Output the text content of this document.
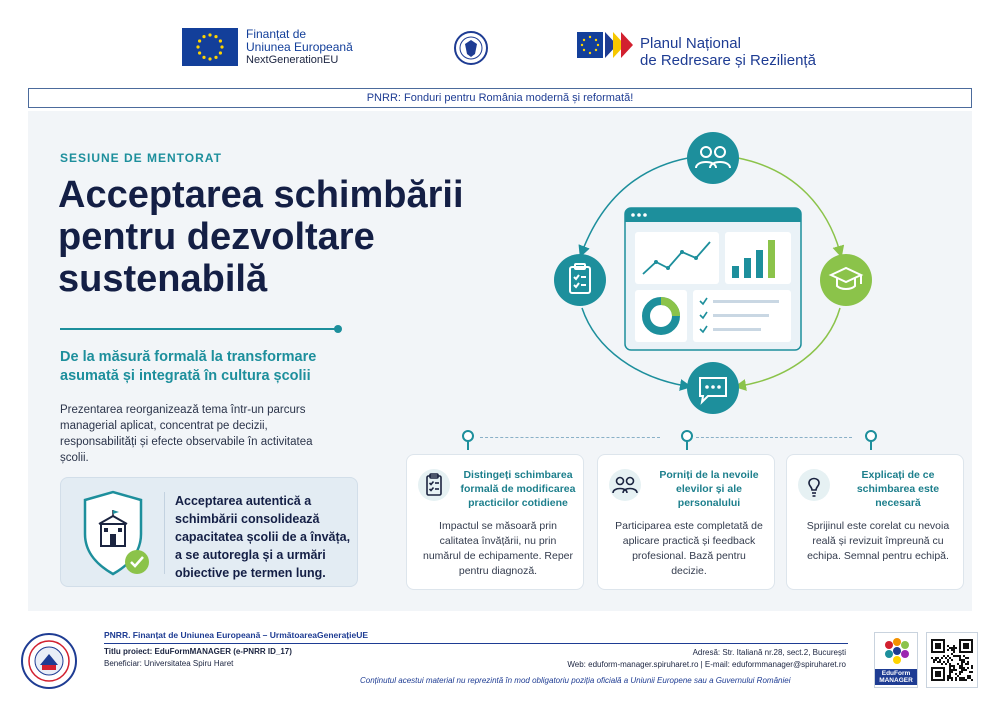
Finanțat de
Uniunea Europeană
NextGenerationEU
Planul Național
de Redresare și Reziliență
PNRR: Fonduri pentru România modernă și reformată!
SESIUNE DE MENTORAT
Acceptarea schimbării pentru dezvoltare sustenabilă
De la măsură formală la transformare asumată și integrată în cultura școlii
Prezentarea reorganizează tema într-un parcurs managerial aplicat, concentrat pe decizii, responsabilități și efecte observabile în activitatea școlii.
Acceptarea autentică a schimbării consolidează capacitatea școlii de a învăța, a se autoregla și a urmări obiective pe termen lung.
Distingeți schimbarea formală de modificarea practicilor cotidiene
Impactul se măsoară prin calitatea învățării, nu prin numărul de echipamente. Reper pentru diagnoză.
Porniți de la nevoile elevilor și ale personalului
Participarea este completată de aplicare practică și feedback profesional. Bază pentru decizie.
Explicați de ce schimbarea este necesară
Sprijinul este corelat cu nevoia reală și revizuit împreună cu echipa. Semnal pentru echipă.
PNRR. Finanțat de Uniunea Europeană – UrmătoareaGenerațieUE
Titlu proiect: EduFormMANAGER (e-PNRR ID_17)
Beneficiar: Universitatea Spiru Haret
Adresă: Str. Italiană nr.28, sect.2, București
Web: eduform-manager.spiruharet.ro | E-mail: eduformmanager@spiruharet.ro
Conținutul acestui material nu reprezintă în mod obligatoriu poziția oficială a Uniunii Europene sau a Guvernului României
EduForm
MANAGER
